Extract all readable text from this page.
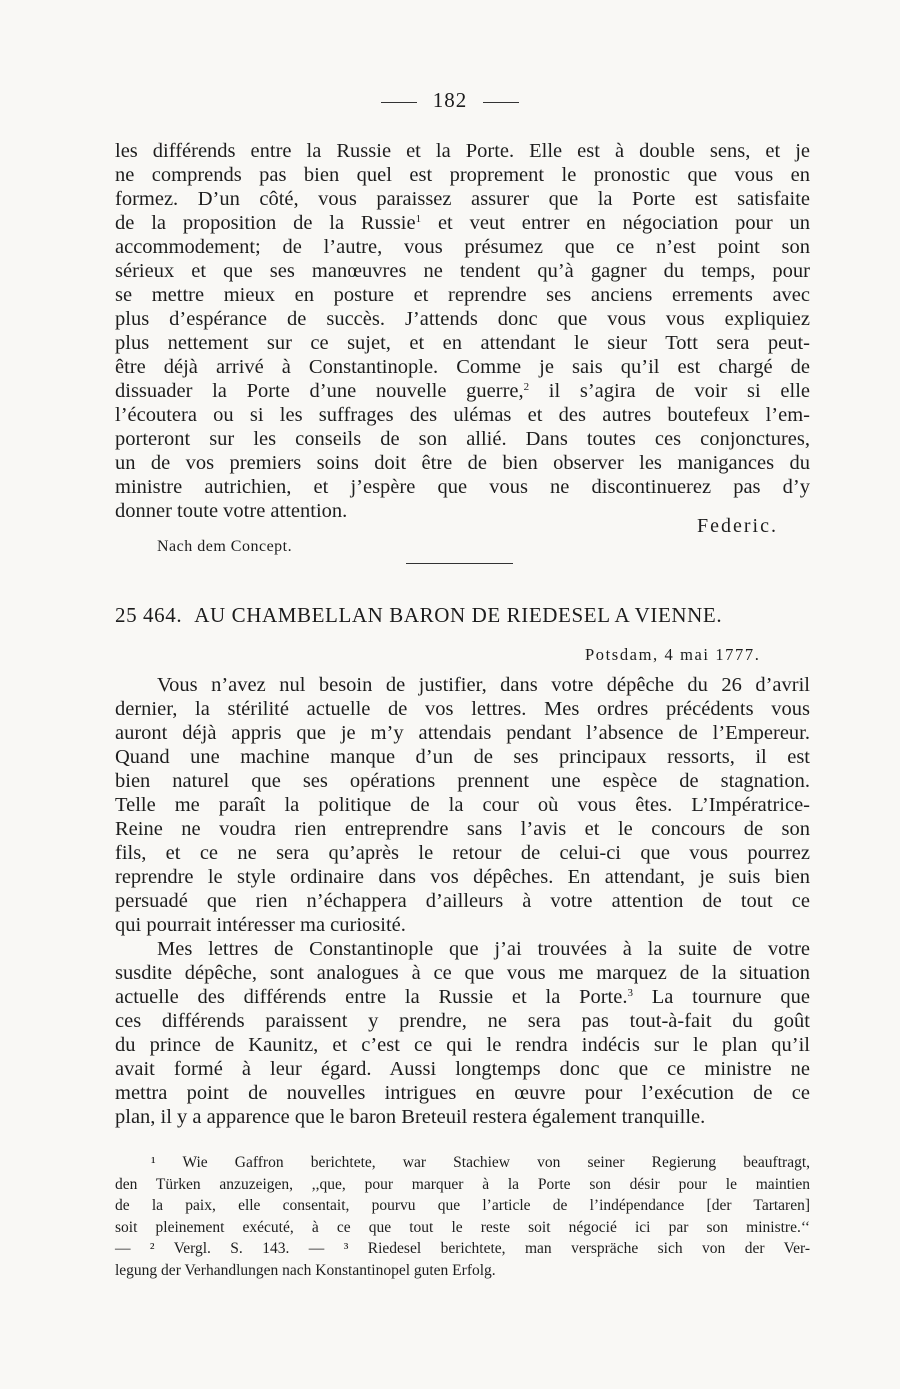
182
les différends entre la Russie et la Porte. Elle est à double sens, et je
ne comprends pas bien quel est proprement le pronostic que vous en
formez. D’un côté, vous paraissez assurer que la Porte est satisfaite
de la proposition de la Russie$^1$ et veut entrer en négociation pour un
accommodement; de l’autre, vous présumez que ce n’est point son
sérieux et que ses manœuvres ne tendent qu’à gagner du temps, pour
se mettre mieux en posture et reprendre ses anciens errements avec
plus d’espérance de succès. J’attends donc que vous vous expliquiez
plus nettement sur ce sujet, et en attendant le sieur Tott sera peut-
être déjà arrivé à Constantinople. Comme je sais qu’il est chargé de
dissuader la Porte d’une nouvelle guerre,$^2$ il s’agira de voir si elle
l’écoutera ou si les suffrages des ulémas et des autres boutefeux l’em-
porteront sur les conseils de son allié. Dans toutes ces conjonctures,
un de vos premiers soins doit être de bien observer les manigances du
ministre autrichien, et j’espère que vous ne discontinuerez pas d’y
donner toute votre attention.
Federic.
Nach dem Concept.
25 464. AU CHAMBELLAN BARON DE RIEDESEL A VIENNE.
Potsdam, 4 mai 1777.
Vous n’avez nul besoin de justifier, dans votre dépêche du 26 d’avril
dernier, la stérilité actuelle de vos lettres. Mes ordres précédents vous
auront déjà appris que je m’y attendais pendant l’absence de l’Empereur.
Quand une machine manque d’un de ses principaux ressorts, il est
bien naturel que ses opérations prennent une espèce de stagnation.
Telle me paraît la politique de la cour où vous êtes. L’Impératrice-
Reine ne voudra rien entreprendre sans l’avis et le concours de son
fils, et ce ne sera qu’après le retour de celui-ci que vous pourrez
reprendre le style ordinaire dans vos dépêches. En attendant, je suis bien
persuadé que rien n’échappera d’ailleurs à votre attention de tout ce
qui pourrait intéresser ma curiosité.
Mes lettres de Constantinople que j’ai trouvées à la suite de votre
susdite dépêche, sont analogues à ce que vous me marquez de la situation
actuelle des différends entre la Russie et la Porte.$^3$ La tournure que
ces différends paraissent y prendre, ne sera pas tout-à-fait du goût
du prince de Kaunitz, et c’est ce qui le rendra indécis sur le plan qu’il
avait formé à leur égard. Aussi longtemps donc que ce ministre ne
mettra point de nouvelles intrigues en œuvre pour l’exécution de ce
plan, il y a apparence que le baron Breteuil restera également tranquille.
¹ Wie Gaffron berichtete, war Stachiew von seiner Regierung beauftragt,
den Türken anzuzeigen, ,,que, pour marquer à la Porte son désir pour le maintien
de la paix, elle consentait, pourvu que l’article de l’indépendance [der Tartaren]
soit pleinement exécuté, à ce que tout le reste soit négocié ici par son ministre.‘‘
— ² Vergl. S. 143. — ³ Riedesel berichtete, man verspräche sich von der Ver-
legung der Verhandlungen nach Konstantinopel guten Erfolg.
